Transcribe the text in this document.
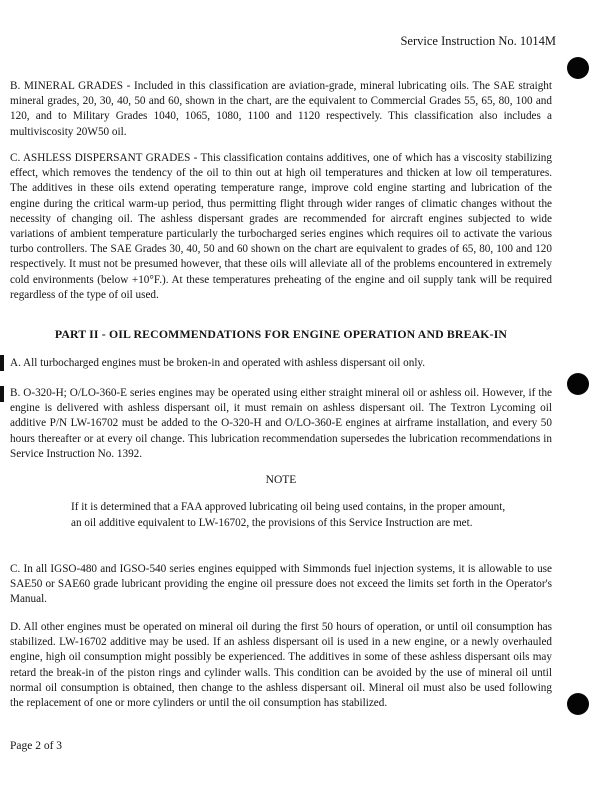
Service Instruction No. 1014M

B. MINERAL GRADES - Included in this classification are aviation-grade, mineral lubricating oils. The SAE straight mineral grades, 20, 30, 40, 50 and 60, shown in the chart, are the equivalent to Commercial Grades 55, 65, 80, 100 and 120, and to Military Grades 1040, 1065, 1080, 1100 and 1120 respectively. This classification also includes a multiviscosity 20W50 oil.

C. ASHLESS DISPERSANT GRADES - This classification contains additives, one of which has a viscosity stabilizing effect, which removes the tendency of the oil to thin out at high oil temperatures and thicken at low oil temperatures. The additives in these oils extend operating temperature range, improve cold engine starting and lubrication of the engine during the critical warm-up period, thus permitting flight through wider ranges of climatic changes without the necessity of changing oil. The ashless dispersant grades are recommended for aircraft engines subjected to wide variations of ambient temperature particularly the turbocharged series engines which requires oil to activate the various turbo controllers. The SAE Grades 30, 40, 50 and 60 shown on the chart are equivalent to grades of 65, 80, 100 and 120 respectively. It must not be presumed however, that these oils will alleviate all of the problems encountered in extremely cold environments (below +10°F.). At these temperatures preheating of the engine and oil supply tank will be required regardless of the type of oil used.

PART II - OIL RECOMMENDATIONS FOR ENGINE OPERATION AND BREAK-IN

A. All turbocharged engines must be broken-in and operated with ashless dispersant oil only.

B. O-320-H; O/LO-360-E series engines may be operated using either straight mineral oil or ashless oil. However, if the engine is delivered with ashless dispersant oil, it must remain on ashless dispersant oil. The Textron Lycoming oil additive P/N LW-16702 must be added to the O-320-H and O/LO-360-E engines at airframe installation, and every 50 hours thereafter or at every oil change. This lubrication recommendation supersedes the lubrication recommendations in Service Instruction No. 1392.

NOTE

If it is determined that a FAA approved lubricating oil being used contains, in the proper amount, an oil additive equivalent to LW-16702, the provisions of this Service Instruction are met.

C. In all IGSO-480 and IGSO-540 series engines equipped with Simmonds fuel injection systems, it is allowable to use SAE50 or SAE60 grade lubricant providing the engine oil pressure does not exceed the limits set forth in the Operator's Manual.

D. All other engines must be operated on mineral oil during the first 50 hours of operation, or until oil consumption has stabilized. LW-16702 additive may be used. If an ashless dispersant oil is used in a new engine, or a newly overhauled engine, high oil consumption might possibly be experienced. The additives in some of these ashless dispersant oils may retard the break-in of the piston rings and cylinder walls. This condition can be avoided by the use of mineral oil until normal oil consumption is obtained, then change to the ashless dispersant oil. Mineral oil must also be used following the replacement of one or more cylinders or until the oil consumption has stabilized.

Page 2 of 3
